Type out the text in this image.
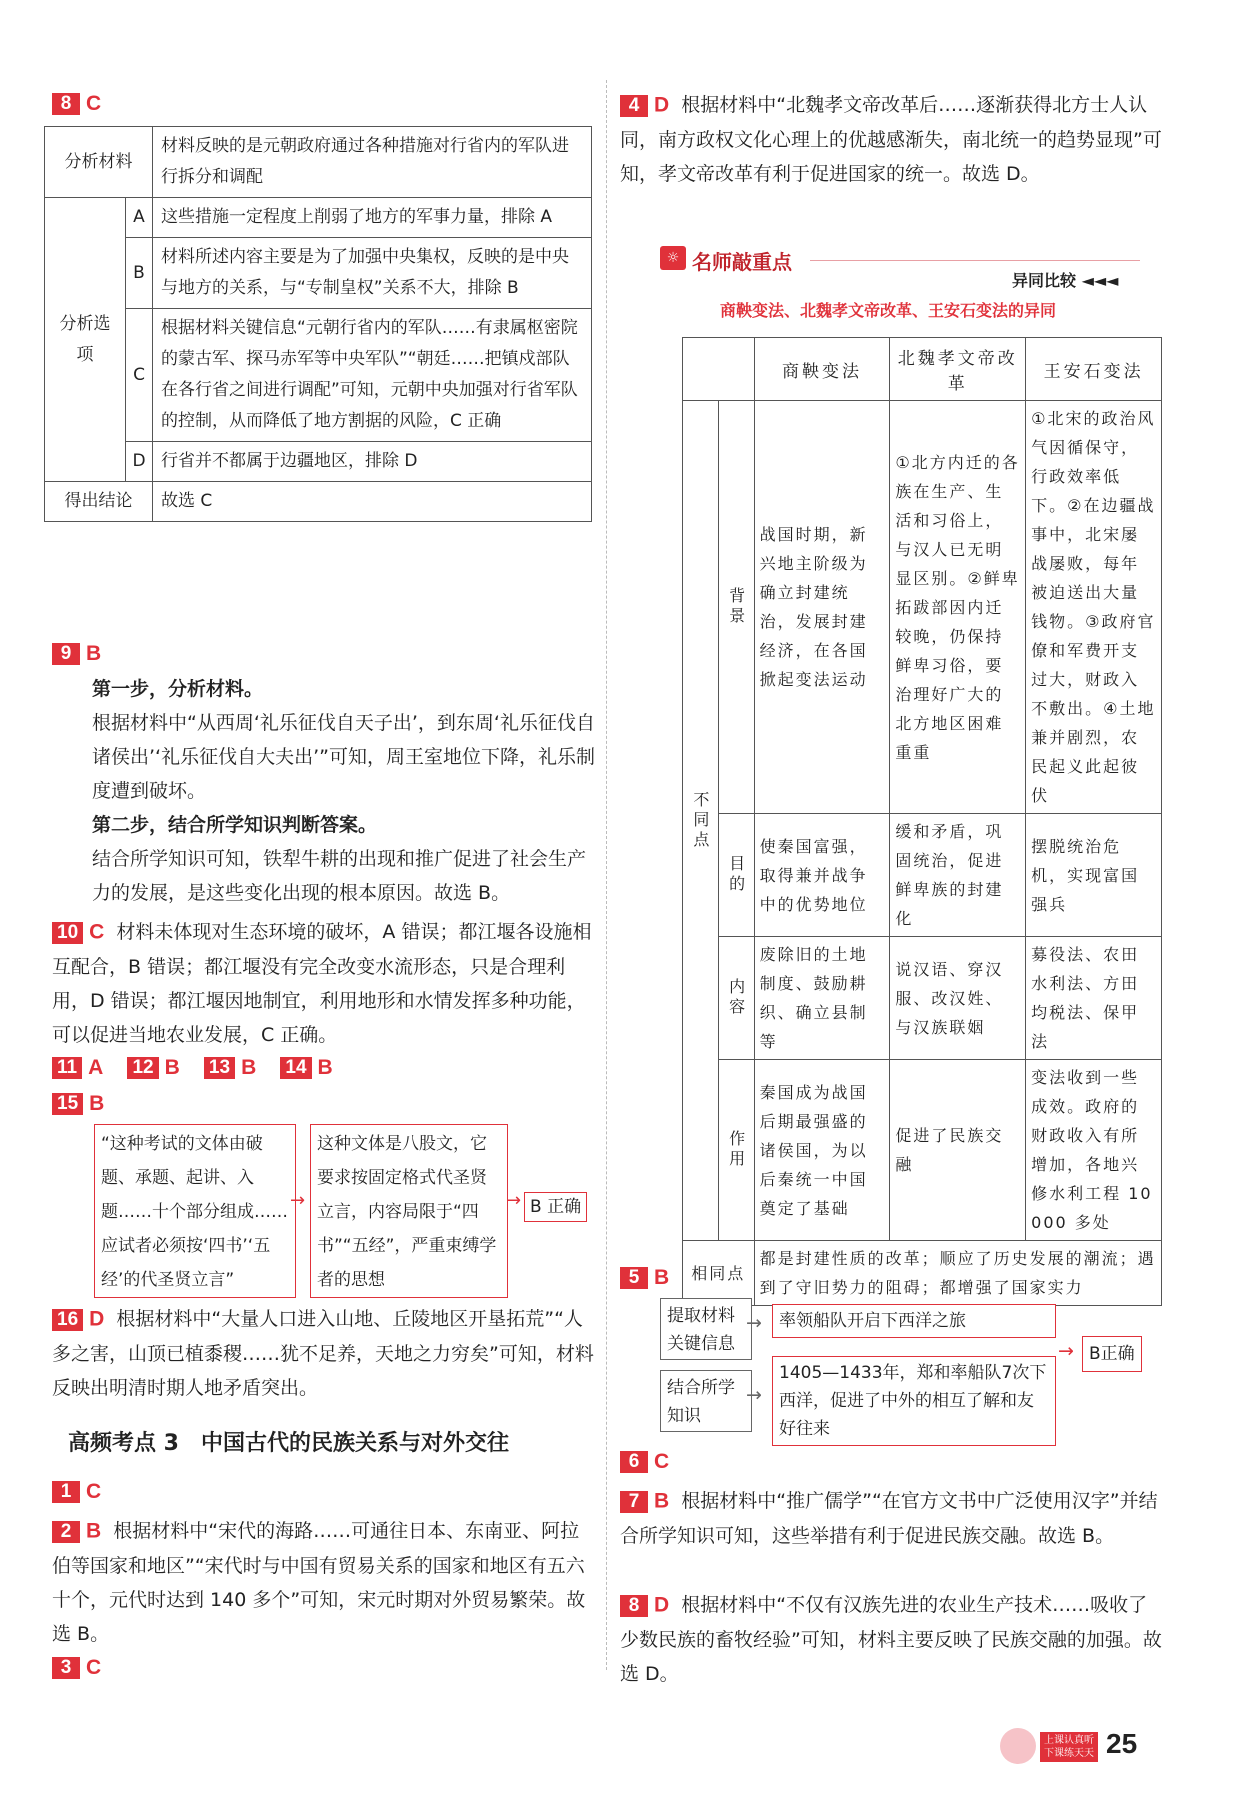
8 C
分析材料		材料反映的是元朝政府通过各种措施对行省内的军队进行拆分和调配
分析选项	A	这些措施一定程度上削弱了地方的军事力量，排除 A
	B	材料所述内容主要是为了加强中央集权，反映的是中央与地方的关系，与“专制皇权”关系不大，排除 B
	C	根据材料关键信息“元朝行省内的军队……有隶属枢密院的蒙古军、探马赤军等中央军队”“朝廷……把镇戍部队在各行省之间进行调配”可知，元朝中央加强对行省军队的控制，从而降低了地方割据的风险，C 正确
	D	行省并不都属于边疆地区，排除 D
得出结论		故选 C
9 B
第一步，分析材料。
根据材料中“从西周‘礼乐征伐自天子出’，到东周‘礼乐征伐自诸侯出’‘礼乐征伐自大夫出’”可知，周王室地位下降，礼乐制度遭到破坏。
第二步，结合所学知识判断答案。
结合所学知识可知，铁犁牛耕的出现和推广促进了社会生产力的发展，是这些变化出现的根本原因。故选 B。
10 C 材料未体现对生态环境的破坏，A 错误；都江堰各设施相互配合，B 错误；都江堰没有完全改变水流形态，只是合理利用，D 错误；都江堰因地制宜，利用地形和水情发挥多种功能，可以促进当地农业发展，C 正确。
11 A 12 B 13 B 14 B
15 B
“这种考试的文体由破题、承题、起讲、入题……十个部分组成……应试者必须按‘四书’‘五经’的代圣贤立言”
→
这种文体是八股文，它要求按固定格式代圣贤立言，内容局限于“四书”“五经”，严重束缚学者的思想
→ B 正确
16 D 根据材料中“大量人口进入山地、丘陵地区开垦拓荒”“人多之害，山顶已植黍稷……犹不足养，天地之力穷矣”可知，材料反映出明清时期人地矛盾突出。
高频考点 3　中国古代的民族关系与对外交往
1 C
2 B 根据材料中“宋代的海路……可通往日本、东南亚、阿拉伯等国家和地区”“宋代时与中国有贸易关系的国家和地区有五六十个，元代时达到 140 多个”可知，宋元时期对外贸易繁荣。故选 B。
3 C
4 D 根据材料中“北魏孝文帝改革后……逐渐获得北方士人认同，南方政权文化心理上的优越感渐失，南北统一的趋势显现”可知，孝文帝改革有利于促进国家的统一。故选 D。
☼ 名师敲重点
异同比较 ◄◄◄
商鞅变法、北魏孝文帝改革、王安石变法的异同
		商鞅变法	北魏孝文帝改革	王安石变法
不同点	背景	战国时期，新兴地主阶级为确立封建统治，发展封建经济，在各国掀起变法运动	①北方内迁的各族在生产、生活和习俗上，与汉人已无明显区别。②鲜卑拓跋部因内迁较晚，仍保持鲜卑习俗，要治理好广大的北方地区困难重重	①北宋的政治风气因循保守，行政效率低下。②在边疆战事中，北宋屡战屡败，每年被迫送出大量钱物。③政府官僚和军费开支过大，财政入不敷出。④土地兼并剧烈，农民起义此起彼伏
	目的	使秦国富强，取得兼并战争中的优势地位	缓和矛盾，巩固统治，促进鲜卑族的封建化	摆脱统治危机，实现富国强兵
	内容	废除旧的土地制度、鼓励耕织、确立县制等	说汉语、穿汉服、改汉姓、与汉族联姻	募役法、农田水利法、方田均税法、保甲法
	作用	秦国成为战国后期最强盛的诸侯国，为以后秦统一中国奠定了基础	促进了民族交融	变法收到一些成效。政府的财政收入有所增加，各地兴修水利工程 10 000 多处
相同点		都是封建性质的改革；顺应了历史发展的潮流；遇到了守旧势力的阻碍；都增强了国家实力		
5 B
提取材料关键信息
→	率领船队开启下西洋之旅
结合所学知识
→
1405—1433年，郑和率船队7次下西洋，促进了中外的相互了解和友好往来
→ B正确
6 C
7 B 根据材料中“推广儒学”“在官方文书中广泛使用汉字”并结合所学知识可知，这些举措有利于促进民族交融。故选 B。
8 D 根据材料中“不仅有汉族先进的农业生产技术……吸收了少数民族的畜牧经验”可知，材料主要反映了民族交融的加强。故选 D。
上课认真听
下课练天天 25
